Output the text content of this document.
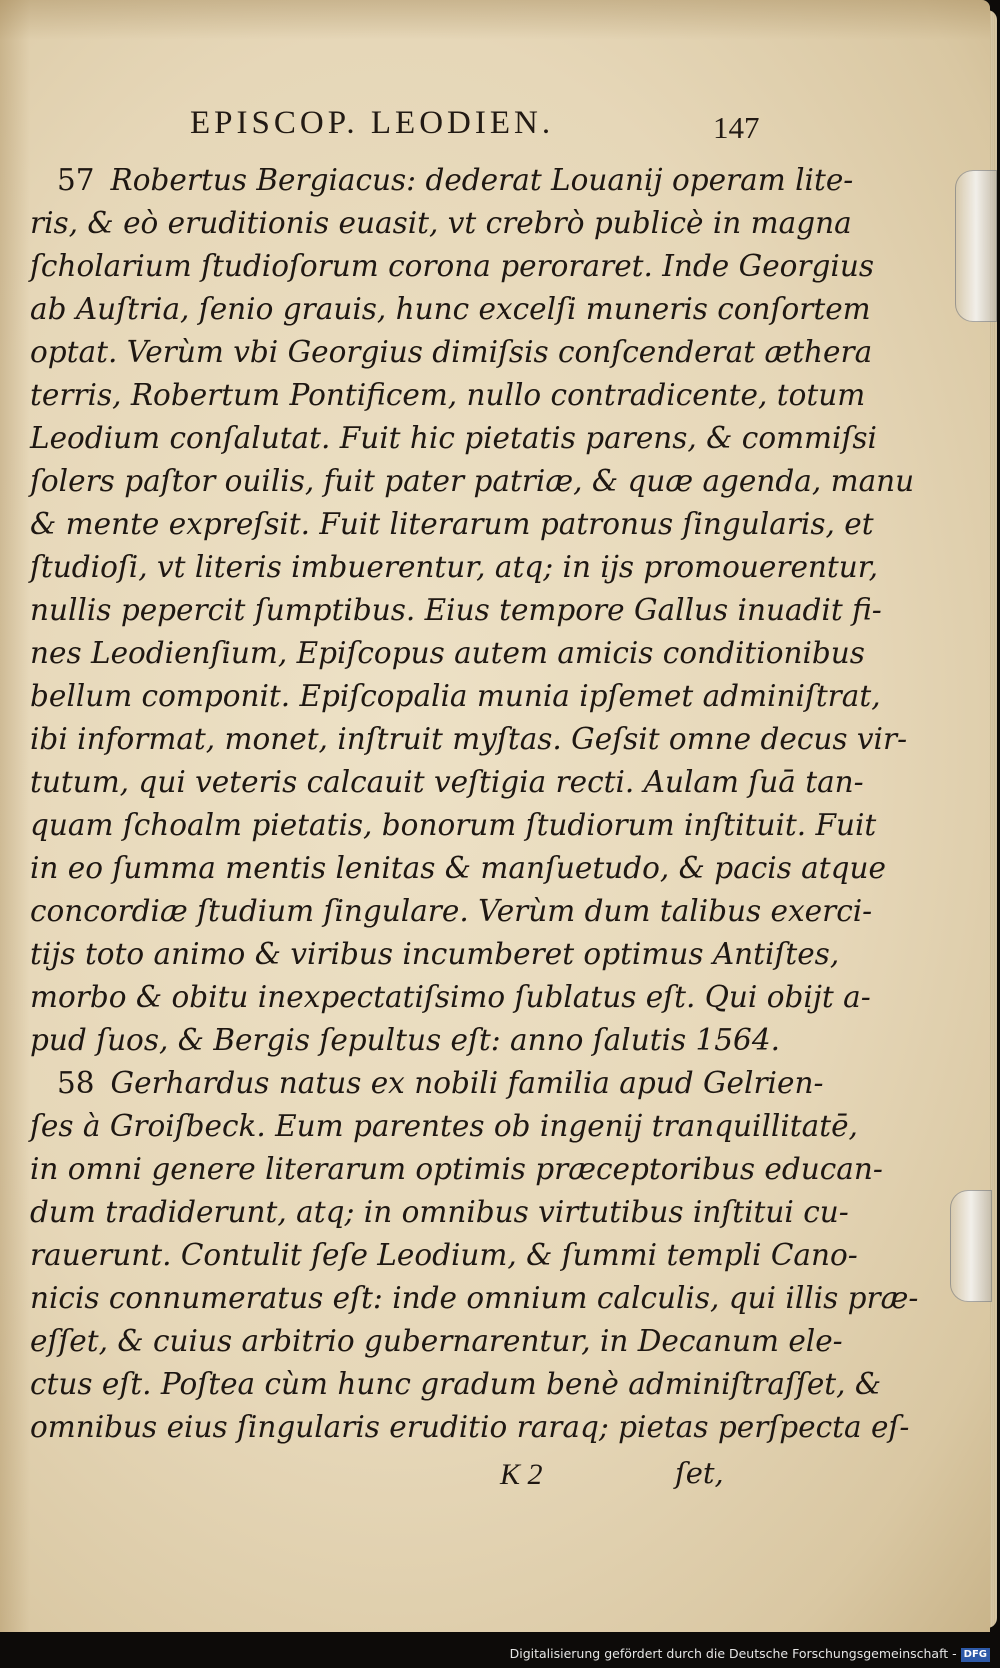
EPISCOP. LEODIEN.	147
57 Robertus Bergiacus: dederat Louanij operam lite-
ris, & eò eruditionis euasit, vt crebrò publicè in magna
ſcholarium ſtudioſorum corona peroraret. Inde Georgius
ab Auſtria, ſenio grauis, hunc excelſi muneris conſortem
optat. Verùm vbi Georgius dimiſsis conſcenderat æthera
terris, Robertum Pontificem, nullo contradicente, totum
Leodium conſalutat. Fuit hic pietatis parens, & commiſsi
ſolers paſtor ouilis, fuit pater patriæ, & quæ agenda, manu
& mente expreſsit. Fuit literarum patronus ſingularis, et
ſtudioſi, vt literis imbuerentur, atq; in ijs promouerentur,
nullis pepercit ſumptibus. Eius tempore Gallus inuadit fi-
nes Leodienſium, Epiſcopus autem amicis conditionibus
bellum componit. Epiſcopalia munia ipſemet adminiſtrat,
ibi informat, monet, inſtruit myſtas. Geſsit omne decus vir-
tutum, qui veteris calcauit veſtigia recti. Aulam ſuā tan-
quam ſchoalm pietatis, bonorum ſtudiorum inſtituit. Fuit
in eo ſumma mentis lenitas & manſuetudo, & pacis atque
concordiæ ſtudium ſingulare. Verùm dum talibus exerci-
tijs toto animo & viribus incumberet optimus Antiſtes,
morbo & obitu inexpectatiſsimo ſublatus eſt. Qui obijt a-
pud ſuos, & Bergis ſepultus eſt: anno ſalutis 1564.
58 Gerhardus natus ex nobili familia apud Gelrien-
ſes à Groiſbeck. Eum parentes ob ingenij tranquillitatē,
in omni genere literarum optimis præceptoribus educan-
dum tradiderunt, atq; in omnibus virtutibus inſtitui cu-
rauerunt. Contulit ſeſe Leodium, & ſummi templi Cano-
nicis connumeratus eſt: inde omnium calculis, qui illis præ-
eſſet, & cuius arbitrio gubernarentur, in Decanum ele-
ctus eſt. Poſtea cùm hunc gradum benè adminiſtraſſet, &
omnibus eius ſingularis eruditio raraq; pietas perſpecta eſ-
K 2	ſet,
Digitalisierung gefördert durch die Deutsche Forschungsgemeinschaft - DFG
